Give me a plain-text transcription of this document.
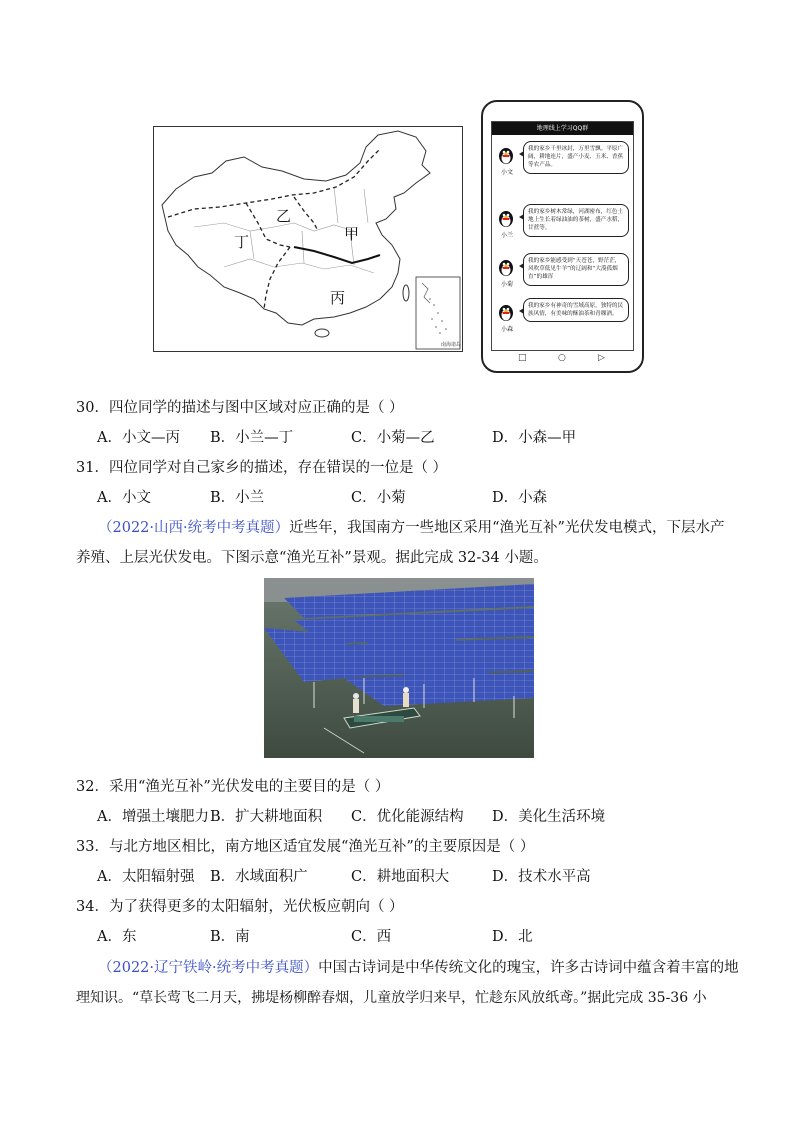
乙
丁	甲
丙
南海诸岛
地理线上学习QQ群
小文
我的家乡千里冰封，万里雪飘。平原广阔，耕地连片，盛产小麦、玉米、香蕉等农产品。
小兰
我的家乡树木常绿，河湖密布，红色土地上生长着绿油油的茶树，盛产水稻，甘蔗等。
小菊
我的家乡能感受到“天苍苍，野茫茫，风吹草低见牛羊”的辽阔和“大漠孤烟直”的雄浑
小森
我的家乡有神奇的雪域高原，独特的民族风情，有美味的酥油茶和青稞酒。
□	○	▷
30．四位同学的描述与图中区域对应正确的是（ ）
A．小文—丙 B．小兰—丁	C．小菊—乙	D．小森—甲
31．四位同学对自己家乡的描述，存在错误的一位是（ ）
A．小文	B．小兰	C．小菊	D．小森
（2022·山西·统考中考真题）近些年，我国南方一些地区采用“渔光互补”光伏发电模式，下层水产
养殖、上层光伏发电。下图示意“渔光互补”景观。据此完成 32-34 小题。
32．采用“渔光互补”光伏发电的主要目的是（ ）
A．增强土壤肥力 B．扩大耕地面积 C．优化能源结构 D．美化生活环境
33．与北方地区相比，南方地区适宜发展“渔光互补”的主要原因是（ ）
A．太阳辐射强 B．水域面积广	C．耕地面积大	D．技术水平高
34．为了获得更多的太阳辐射，光伏板应朝向（ ）
A．东	B．南	C．西	D．北
（2022·辽宁铁岭·统考中考真题）中国古诗词是中华传统文化的瑰宝，许多古诗词中蕴含着丰富的地
理知识。“草长莺飞二月天，拂堤杨柳醉春烟，儿童放学归来早，忙趁东风放纸鸢。”据此完成 35-36 小
